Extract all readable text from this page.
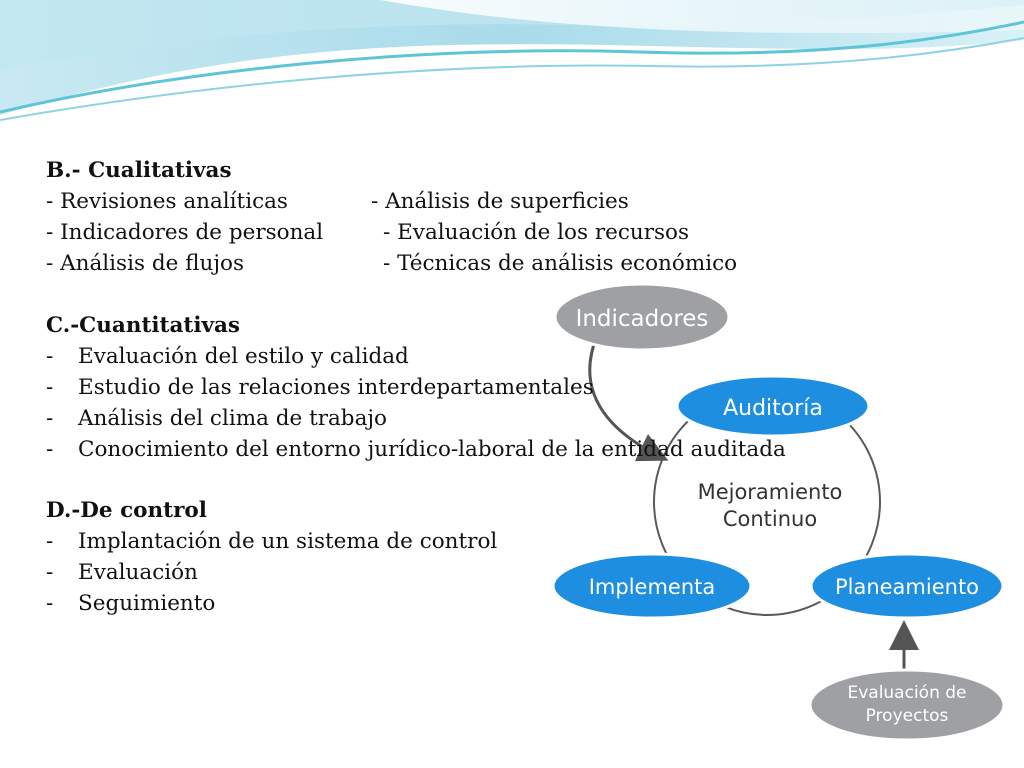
B.- Cualitativas
- Revisiones analíticas	- Análisis de superficies
- Indicadores de personal	- Evaluación de los recursos
- Análisis de flujos	- Técnicas de análisis económico
Indicadores
Auditoría
Mejoramiento
Continuo
Implementa	Planeamiento
Evaluación de
Proyectos
C.-Cuantitativas
- Evaluación del estilo y calidad
- Estudio de las relaciones interdepartamentales
- Análisis del clima de trabajo
- Conocimiento del entorno jurídico-laboral de la entidad auditada
D.-De control
- Implantación de un sistema de control
- Evaluación
- Seguimiento
